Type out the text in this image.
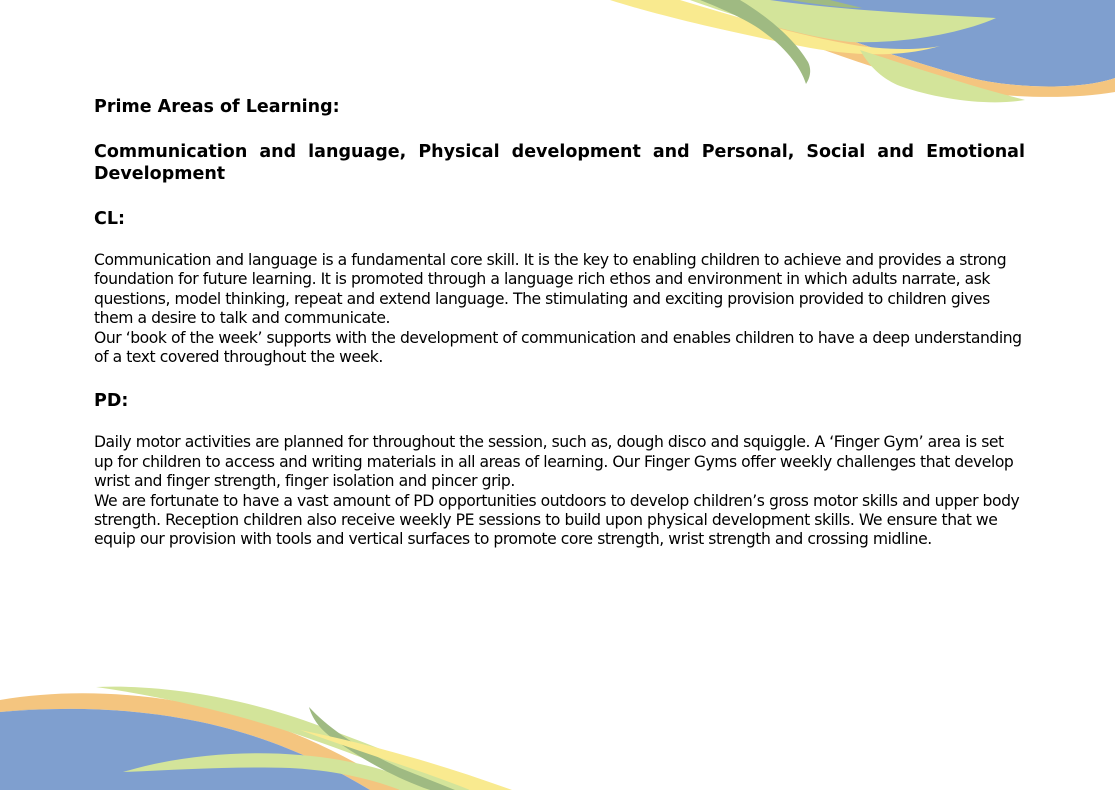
Prime Areas of Learning:

Communication and language, Physical development and Personal, Social and Emotional Development

CL:

Communication and language is a fundamental core skill. It is the key to enabling children to achieve and provides a strong foundation for future learning. It is promoted through a language rich ethos and environment in which adults narrate, ask questions, model thinking, repeat and extend language. The stimulating and exciting provision provided to children gives them a desire to talk and communicate.

Our ‘book of the week’ supports with the development of communication and enables children to have a deep understanding of a text covered throughout the week.

PD:

Daily motor activities are planned for throughout the session, such as, dough disco and squiggle. A ‘Finger Gym’ area is set up for children to access and writing materials in all areas of learning. Our Finger Gyms offer weekly challenges that develop wrist and finger strength, finger isolation and pincer grip.

We are fortunate to have a vast amount of PD opportunities outdoors to develop children’s gross motor skills and upper body strength. Reception children also receive weekly PE sessions to build upon physical development skills. We ensure that we equip our provision with tools and vertical surfaces to promote core strength, wrist strength and crossing midline.
